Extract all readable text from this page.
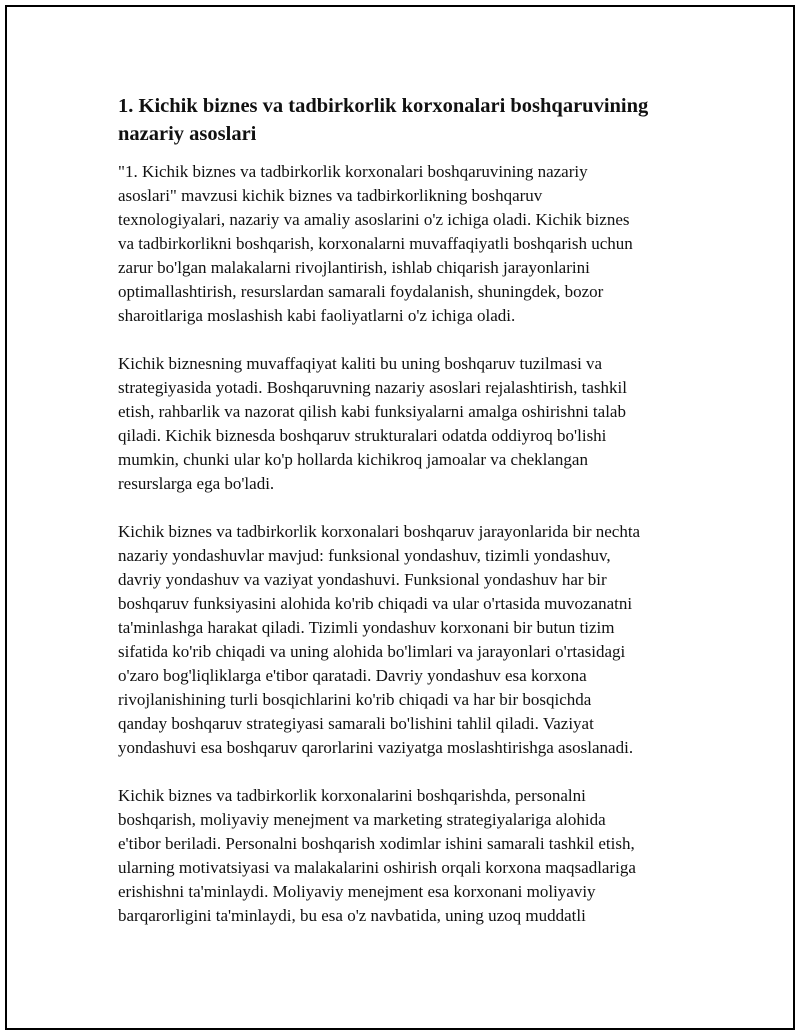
1. Kichik biznes va tadbirkorlik korxonalari boshqaruvining nazariy asoslari
"1. Kichik biznes va tadbirkorlik korxonalari boshqaruvining nazariy
asoslari" mavzusi kichik biznes va tadbirkorlikning boshqaruv
texnologiyalari, nazariy va amaliy asoslarini o'z ichiga oladi. Kichik biznes
va tadbirkorlikni boshqarish, korxonalarni muvaffaqiyatli boshqarish uchun
zarur bo'lgan malakalarni rivojlantirish, ishlab chiqarish jarayonlarini
optimallashtirish, resurslardan samarali foydalanish, shuningdek, bozor
sharoitlariga moslashish kabi faoliyatlarni o'z ichiga oladi.
Kichik biznesning muvaffaqiyat kaliti bu uning boshqaruv tuzilmasi va
strategiyasida yotadi. Boshqaruvning nazariy asoslari rejalashtirish, tashkil
etish, rahbarlik va nazorat qilish kabi funksiyalarni amalga oshirishni talab
qiladi. Kichik biznesda boshqaruv strukturalari odatda oddiyroq bo'lishi
mumkin, chunki ular ko'p hollarda kichikroq jamoalar va cheklangan
resurslarga ega bo'ladi.
Kichik biznes va tadbirkorlik korxonalari boshqaruv jarayonlarida bir nechta
nazariy yondashuvlar mavjud: funksional yondashuv, tizimli yondashuv,
davriy yondashuv va vaziyat yondashuvi. Funksional yondashuv har bir
boshqaruv funksiyasini alohida ko'rib chiqadi va ular o'rtasida muvozanatni
ta'minlashga harakat qiladi. Tizimli yondashuv korxonani bir butun tizim
sifatida ko'rib chiqadi va uning alohida bo'limlari va jarayonlari o'rtasidagi
o'zaro bog'liqliklarga e'tibor qaratadi. Davriy yondashuv esa korxona
rivojlanishining turli bosqichlarini ko'rib chiqadi va har bir bosqichda
qanday boshqaruv strategiyasi samarali bo'lishini tahlil qiladi. Vaziyat
yondashuvi esa boshqaruv qarorlarini vaziyatga moslashtirishga asoslanadi.
Kichik biznes va tadbirkorlik korxonalarini boshqarishda, personalni
boshqarish, moliyaviy menejment va marketing strategiyalariga alohida
e'tibor beriladi. Personalni boshqarish xodimlar ishini samarali tashkil etish,
ularning motivatsiyasi va malakalarini oshirish orqali korxona maqsadlariga
erishishni ta'minlaydi. Moliyaviy menejment esa korxonani moliyaviy
barqarorligini ta'minlaydi, bu esa o'z navbatida, uning uzoq muddatli
